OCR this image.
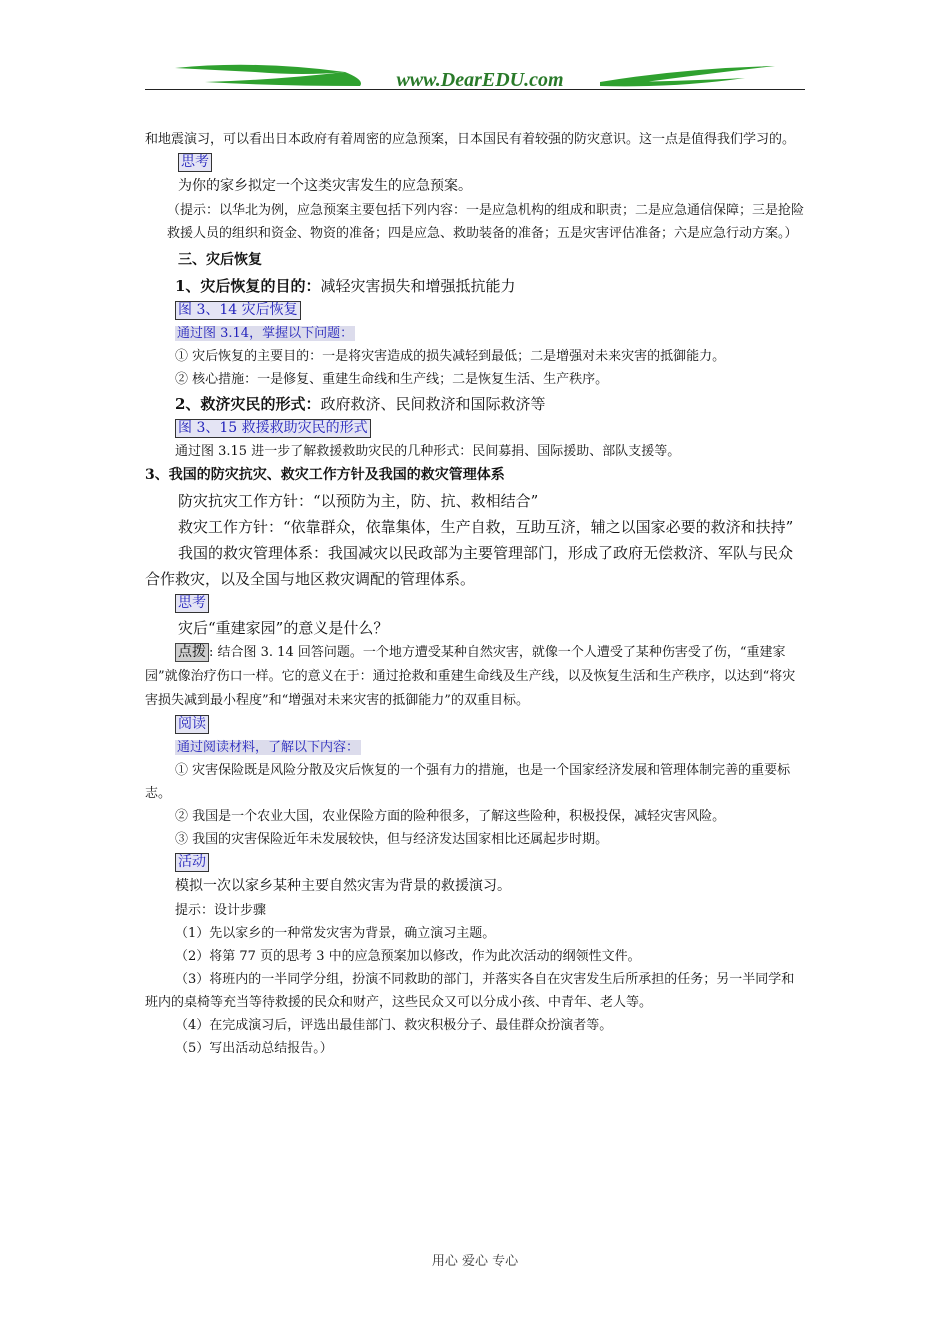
www.DearEDU.com

和地震演习，可以看出日本政府有着周密的应急预案，日本国民有着较强的防灾意识。这一点是值得我们学习的。

思考

为你的家乡拟定一个这类灾害发生的应急预案。

（提示：以华北为例，应急预案主要包括下列内容：一是应急机构的组成和职责；二是应急通信保障；三是抢险救援人员的组织和资金、物资的准备；四是应急、救助装备的准备；五是灾害评估准备；六是应急行动方案。）

三、灾后恢复

1、灾后恢复的目的：减轻灾害损失和增强抵抗能力

图 3、14 灾后恢复

通过图 3.14，掌握以下问题：

① 灾后恢复的主要目的：一是将灾害造成的损失减轻到最低；二是增强对未来灾害的抵御能力。

② 核心措施：一是修复、重建生命线和生产线；二是恢复生活、生产秩序。

2、救济灾民的形式：政府救济、民间救济和国际救济等

图 3、15 救援救助灾民的形式

通过图 3.15 进一步了解救援救助灾民的几种形式：民间募捐、国际援助、部队支援等。

3、我国的防灾抗灾、救灾工作方针及我国的救灾管理体系

防灾抗灾工作方针：“以预防为主，防、抗、救相结合”

救灾工作方针：“依靠群众，依靠集体，生产自救，互助互济，辅之以国家必要的救济和扶持”

我国的救灾管理体系：我国减灾以民政部为主要管理部门，形成了政府无偿救济、军队与民众合作救灾，以及全国与地区救灾调配的管理体系。

思考

灾后“重建家园”的意义是什么？

点拨 : 结合图 3. 14 回答问题。一个地方遭受某种自然灾害，就像一个人遭受了某种伤害受了伤，“重建家园”就像治疗伤口一样。它的意义在于：通过抢救和重建生命线及生产线，以及恢复生活和生产秩序，以达到“将灾害损失减到最小程度”和“增强对未来灾害的抵御能力”的双重目标。

阅读

通过阅读材料，了解以下内容：

① 灾害保险既是风险分散及灾后恢复的一个强有力的措施，也是一个国家经济发展和管理体制完善的重要标志。

② 我国是一个农业大国，农业保险方面的险种很多，了解这些险种，积极投保，减轻灾害风险。

③ 我国的灾害保险近年未发展较快，但与经济发达国家相比还属起步时期。

活动

模拟一次以家乡某种主要自然灾害为背景的救援演习。

提示：设计步骤

（1）先以家乡的一种常发灾害为背景，确立演习主题。

（2）将第 77 页的思考 3 中的应急预案加以修改，作为此次活动的纲领性文件。

（3）将班内的一半同学分组，扮演不同救助的部门，并落实各自在灾害发生后所承担的任务；另一半同学和班内的桌椅等充当等待救援的民众和财产，这些民众又可以分成小孩、中青年、老人等。

（4）在完成演习后，评选出最佳部门、救灾积极分子、最佳群众扮演者等。

（5）写出活动总结报告。）

用心 爱心 专心
